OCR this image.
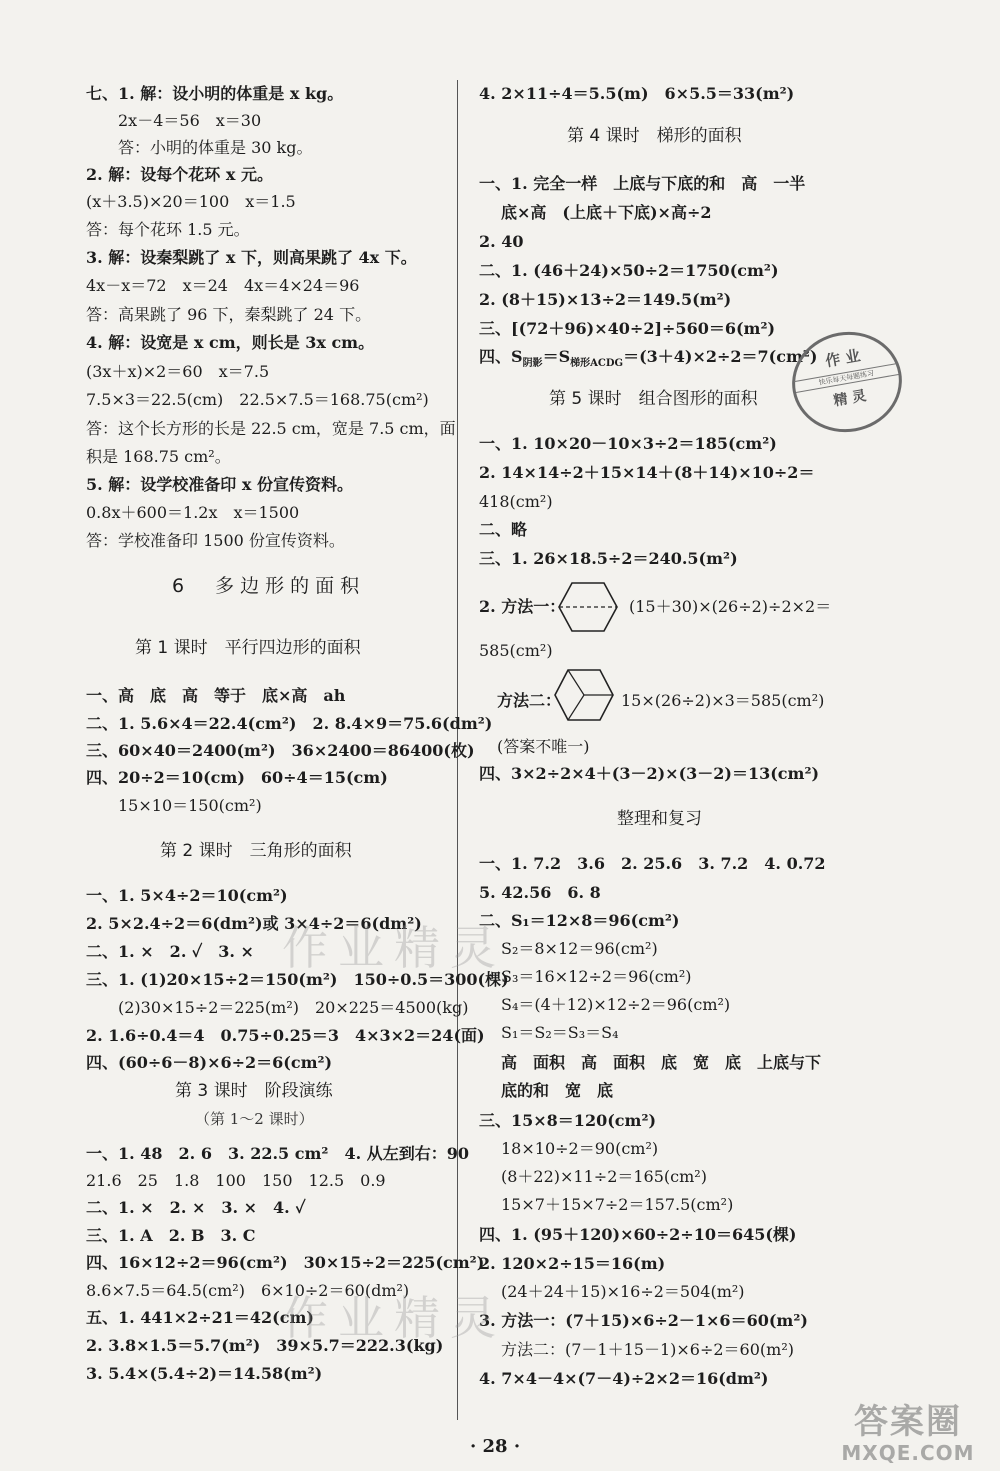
七、1. 解：设小明的体重是 x kg。
2x－4＝56　x＝30
答：小明的体重是 30 kg。
2. 解：设每个花环 x 元。
(x＋3.5)×20＝100　x＝1.5
答：每个花环 1.5 元。
3. 解：设秦梨跳了 x 下，则高果跳了 4x 下。
4x－x＝72　x＝24　4x＝4×24＝96
答：高果跳了 96 下，秦梨跳了 24 下。
4. 解：设宽是 x cm，则长是 3x cm。
(3x＋x)×2＝60　x＝7.5
7.5×3＝22.5(cm)　22.5×7.5＝168.75(cm²)
答：这个长方形的长是 22.5 cm，宽是 7.5 cm，面
积是 168.75 cm²。
5. 解：设学校准备印 x 份宣传资料。
0.8x＋600＝1.2x　x＝1500
答：学校准备印 1500 份宣传资料。
6　多边形的面积
第 1 课时　平行四边形的面积
一、高　底　高　等于　底×高　ah
二、1. 5.6×4＝22.4(cm²)　2. 8.4×9＝75.6(dm²)
三、60×40＝2400(m²)　36×2400＝86400(枚)
四、20÷2＝10(cm)　60÷4＝15(cm)
15×10＝150(cm²)
第 2 课时　三角形的面积
一、1. 5×4÷2＝10(cm²)
2. 5×2.4÷2＝6(dm²)或 3×4÷2＝6(dm²)
二、1. ×　2. ✓　3. ×
三、1. (1)20×15÷2＝150(m²)　150÷0.5＝300(棵)
(2)30×15÷2＝225(m²)　20×225＝4500(kg)
2. 1.6÷0.4＝4　0.75÷0.25＝3　4×3×2＝24(面)
四、(60÷6－8)×6÷2＝6(cm²)
第 3 课时　阶段演练
（第 1～2 课时）
一、1. 48　2. 6　3. 22.5 cm²　4. 从左到右：90
21.6　25　1.8　100　150　12.5　0.9
二、1. ×　2. ×　3. ×　4. ✓
三、1. A　2. B　3. C
四、16×12÷2＝96(cm²)　30×15÷2＝225(cm²)
8.6×7.5＝64.5(cm²)　6×10÷2＝60(dm²)
五、1. 441×2÷21＝42(cm)
2. 3.8×1.5＝5.7(m²)　39×5.7＝222.3(kg)
3. 5.4×(5.4÷2)＝14.58(m²)
4. 2×11÷4＝5.5(m)　6×5.5＝33(m²)
第 4 课时　梯形的面积
一、1. 完全一样　上底与下底的和　高　一半
底×高　(上底＋下底)×高÷2
2. 40
二、1. (46＋24)×50÷2＝1750(cm²)
2. (8＋15)×13÷2＝149.5(m²)
三、[(72＋96)×40÷2]÷560＝6(m²)
四、$S_{阴影}=S_{梯形ACDG}=(3+4)\times 2\div 2=7(cm^2)$
第 5 课时　组合图形的面积
一、1. 10×20－10×3÷2＝185(cm²)
2. 14×14÷2＋15×14＋(8＋14)×10÷2＝
418(cm²)
二、略
三、1. 26×18.5÷2＝240.5(m²)
2. 方法一：	(15＋30)×(26÷2)÷2×2＝
585(cm²)
方法二：	15×(26÷2)×3＝585(cm²)
(答案不唯一)
四、3×2÷2×4＋(3－2)×(3－2)＝13(cm²)
整理和复习
一、1. 7.2　3.6　2. 25.6　3. 7.2　4. 0.72
5. 42.56　6. 8
二、S₁＝12×8＝96(cm²)
S₂＝8×12＝96(cm²)
S₃＝16×12÷2＝96(cm²)
S₄＝(4＋12)×12÷2＝96(cm²)
S₁＝S₂＝S₃＝S₄
高　面积　高　面积　底　宽　底　上底与下
底的和　宽　底
三、15×8＝120(cm²)
18×10÷2＝90(cm²)
(8＋22)×11÷2＝165(cm²)
15×7＋15×7÷2＝157.5(cm²)
四、1. (95＋120)×60÷2÷10＝645(棵)
2. 120×2÷15＝16(m)
(24＋24＋15)×16÷2＝504(m²)
3. 方法一：(7＋15)×6÷2－1×6＝60(m²)
方法二：(7－1＋15－1)×6÷2＝60(m²)
4. 7×4－4×(7－4)÷2×2＝16(dm²)
作 业
快乐每天每题练习
精 灵
作业精灵
作业精灵
· 28 ·
答案圈
MXQE.COM
